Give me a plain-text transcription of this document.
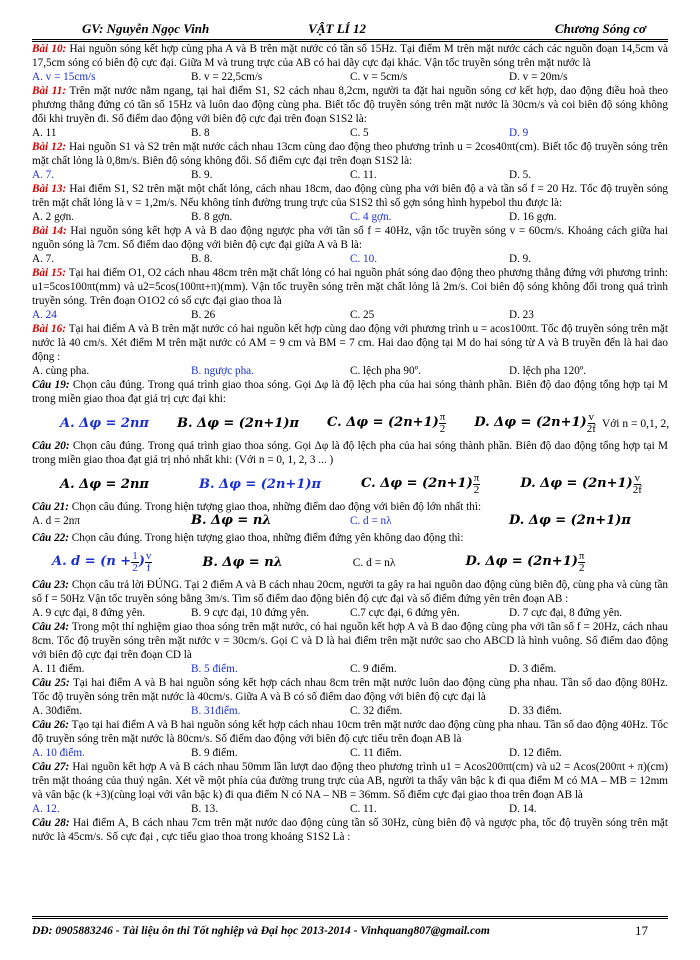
GV: Nguyễn Ngọc Vinh	VẬT LÍ 12	Chương Sóng cơ

Bài 10: Hai nguồn sóng kết hợp cùng pha A và B trên mặt nước có tần số 15Hz. Tại điểm M trên mặt nước cách các nguồn đoạn 14,5cm và 17,5cm sóng có biên độ cực đại. Giữa M và trung trực của AB có hai dãy cực đại khác. Vận tốc truyền sóng trên mặt nước là

A. v = 15cm/s	B. v = 22,5cm/s	C. v = 5cm/s	D. v = 20m/s

Bài 11: Trên mặt nước nằm ngang, tại hai điểm S1, S2 cách nhau 8,2cm, người ta đặt hai nguồn sóng cơ kết hợp, dao động điều hoà theo phương thẳng đứng có tần số 15Hz và luôn dao động cùng pha. Biết tốc độ truyền sóng trên mặt nước là 30cm/s và coi biên độ sóng không đổi khi truyền đi. Số điểm dao động với biên độ cực đại trên đoạn S1S2 là:

A. 11	B. 8	C. 5	D. 9

Bài 12: Hai nguồn S1 và S2 trên mặt nước cách nhau 13cm cùng dao động theo phương trình u = 2cos40πt(cm). Biết tốc độ truyền sóng trên mặt chất lỏng là 0,8m/s. Biên độ sóng không đổi. Số điểm cực đại trên đoạn S1S2 là:

A. 7.	B. 9.	C. 11.	D. 5.

Bài 13: Hai điểm S1, S2 trên mặt một chất lỏng, cách nhau 18cm, dao động cùng pha với biên độ a và tần số f = 20 Hz. Tốc độ truyền sóng trên mặt chất lỏng là v = 1,2m/s. Nếu không tính đường trung trực của S1S2 thì số gợn sóng hình hypebol thu được là:

A. 2 gợn.	B. 8 gợn.	C. 4 gợn.	D. 16 gợn.

Bài 14: Hai nguồn sóng kết hợp A và B dao động ngược pha với tần số f = 40Hz, vận tốc truyền sóng v = 60cm/s. Khoảng cách giữa hai nguồn sóng là 7cm. Số điểm dao động với biên độ cực đại giữa A và B là:

A. 7.	B. 8.	C. 10.	D. 9.

Bài 15: Tại hai điểm O1, O2 cách nhau 48cm trên mặt chất lỏng có hai nguồn phát sóng dao động theo phương thẳng đứng với phương trình: u1=5cos100πt(mm) và u2=5cos(100πt+π)(mm). Vận tốc truyền sóng trên mặt chất lỏng là 2m/s. Coi biên độ sóng không đổi trong quá trình truyền sóng. Trên đoạn O1O2 có số cực đại giao thoa là

A. 24	B. 26	C. 25	D. 23

Bài 16: Tại hai điểm A và B trên mặt nước có hai nguồn kết hợp cùng dao động với phương trình u = acos100πt. Tốc độ truyền sóng trên mặt nước là 40 cm/s. Xét điểm M trên mặt nước có AM = 9 cm và BM = 7 cm. Hai dao động tại M do hai sóng từ A và B truyền đến là hai dao động :

A. cùng pha.	B. ngược pha.	C. lệch pha 90º.	D. lệch pha 120º.

Câu 19: Chọn câu đúng. Trong quá trình giao thoa sóng. Gọi Δφ là độ lệch pha của hai sóng thành phần. Biên độ dao động tổng hợp tại M trong miền giao thoa đạt giá trị cực đại khi:

A. Δφ = 2nπ B. Δφ = (2n+1)π C. $\Delta\varphi = (2n+1) \frac{\pi}{2} D$. $\Delta\varphi = (2n+1) \frac{v}{2f}$ Với n = 0,1, 2,

Câu 20: Chọn câu đúng. Trong quá trình giao thoa sóng. Gọi Δφ là độ lệch pha của hai sóng thành phần. Biên độ dao động tổng hợp tại M trong miền giao thoa đạt giá trị nhỏ nhất khi: (Với n = 0, 1, 2, 3 ... )

A. Δφ = 2nπ	B. Δφ = (2n+1)π	C. $\Delta\varphi = (2n+1) \frac{\pi}{2}$	D. $\Delta\varphi = (2n+1) \frac{v}{2f}$

Câu 21: Chọn câu đúng. Trong hiện tượng giao thoa, những điểm dao động với biên độ lớn nhất thì:

A. d = 2nπ	B. Δφ = nλ	C. d = nλ	D. Δφ = (2n+1)π

Câu 22: Chọn câu đúng. Trong hiện tượng giao thoa, những điểm đứng yên không dao động thì:

A. $d = (n + \frac{1}{2}$ ) $\frac{v}{f}$	B. Δφ = nλ	C. d = nλ	D. $\Delta\varphi = (2n+1) \frac{\pi}{2}$

Câu 23: Chọn câu trả lời ĐÚNG. Tại 2 điểm A và B cách nhau 20cm, người ta gây ra hai nguồn dao động cùng biên độ, cùng pha và cùng tần số f = 50Hz Vận tốc truyền sóng bằng 3m/s. Tìm số điểm dao động biên độ cực đại và số điểm đứng yên trên đoạn AB :

A. 9 cực đại, 8 đứng yên.	B. 9 cực đại, 10 đứng yên.	C.7 cực đại, 6 đứng yên.	D. 7 cực đại, 8 đứng yên.

Câu 24: Trong một thí nghiệm giao thoa sóng trên mặt nước, có hai nguồn kết hợp A và B dao động cùng pha với tần số f = 20Hz, cách nhau 8cm. Tốc độ truyền sóng trên mặt nước v = 30cm/s. Gọi C và D là hai điểm trên mặt nước sao cho ABCD là hình vuông. Số điểm dao động với biên độ cực đại trên đoạn CD là

A. 11 điểm.	B. 5 điểm.	C. 9 điểm.	D. 3 điểm.

Câu 25: Tại hai điểm A và B hai nguồn sóng kết hợp cách nhau 8cm trên mặt nước luôn dao động cùng pha nhau. Tần số dao động 80Hz. Tốc độ truyền sóng trên mặt nước là 40cm/s. Giữa A và B có số điểm dao động với biên độ cực đại là

A. 30điểm.	B. 31điểm.	C. 32 điểm.	D. 33 điểm.

Câu 26: Tạo tại hai điểm A và B hai nguồn sóng kết hợp cách nhau 10cm trên mặt nước dao động cùng pha nhau. Tần số dao động 40Hz. Tốc độ truyền sóng trên mặt nước là 80cm/s. Số điểm dao động với biên độ cực tiểu trên đoạn AB là

A. 10 điểm.	B. 9 điểm.	C. 11 điểm.	D. 12 điểm.

Câu 27: Hai nguồn kết hợp A và B cách nhau 50mm lần lượt dao động theo phương trình u1 = Acos200πt(cm) và u2 = Acos(200πt + π)(cm) trên mặt thoáng của thuỷ ngân. Xét về một phía của đường trung trực của AB, người ta thấy vân bậc k đi qua điểm M có MA – MB = 12mm và vân bậc (k +3)(cùng loại với vân bậc k) đi qua điểm N có NA – NB = 36mm. Số điểm cực đại giao thoa trên đoạn AB là

A. 12.	B. 13.	C. 11.	D. 14.

Câu 28: Hai điểm A, B cách nhau 7cm trên mặt nước dao động cùng tần số 30Hz, cùng biên độ và ngược pha, tốc độ truyền sóng trên mặt nước là 45cm/s. Số cực đại , cực tiểu giao thoa trong khoảng S1S2 Là :

DĐ: 0905883246 - Tài liệu ôn thi Tốt nghiệp và Đại học 2013-2014 - Vinhquang807@gmail.com	17
